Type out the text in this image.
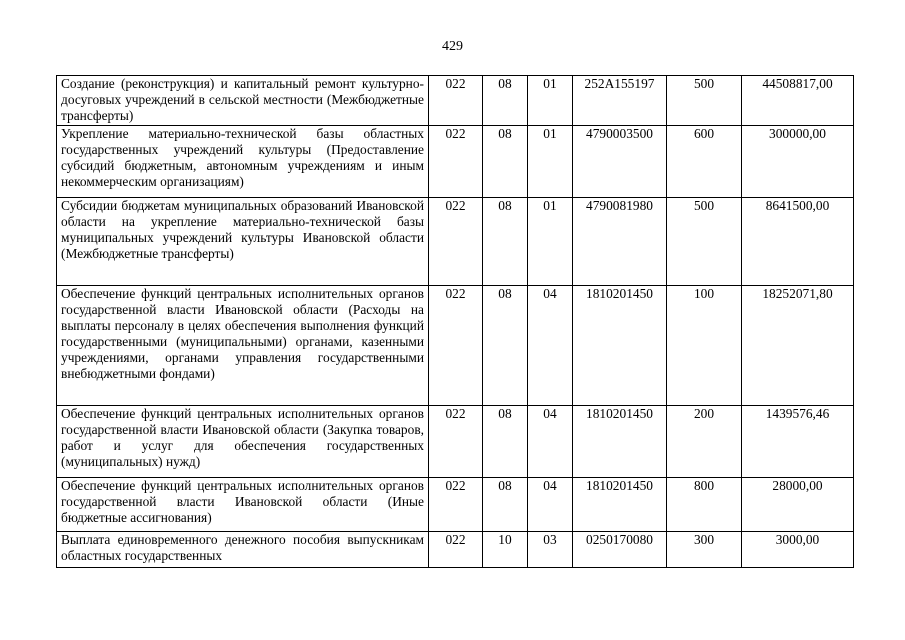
429
Создание (реконструкция) и капитальный ремонт культурно-досуговых учреждений в сельской местности (Межбюджетные трансферты)	022	08	01	252А155197	500	44508817,00
Укрепление материально-технической базы областных государственных учреждений культуры (Предоставление субсидий бюджетным, автономным учреждениям и иным некоммерческим организациям)	022	08	01	4790003500	600	300000,00
Субсидии бюджетам муниципальных образований Ивановской области на укрепление материально-технической базы муниципальных учреждений культуры Ивановской области (Межбюджетные трансферты)	022	08	01	4790081980	500	8641500,00
Обеспечение функций центральных исполнительных органов государственной власти Ивановской области (Расходы на выплаты персоналу в целях обеспечения выполнения функций государственными (муниципальными) органами, казенными учреждениями, органами управления государственными внебюджетными фондами)	022	08	04	1810201450	100	18252071,80
Обеспечение функций центральных исполнительных органов государственной власти Ивановской области (Закупка товаров, работ и услуг для обеспечения государственных (муниципальных) нужд)	022	08	04	1810201450	200	1439576,46
Обеспечение функций центральных исполнительных органов государственной власти Ивановской области (Иные бюджетные ассигнования)	022	08	04	1810201450	800	28000,00
Выплата единовременного денежного пособия выпускникам областных государственных	022	10	03	0250170080	300	3000,00
